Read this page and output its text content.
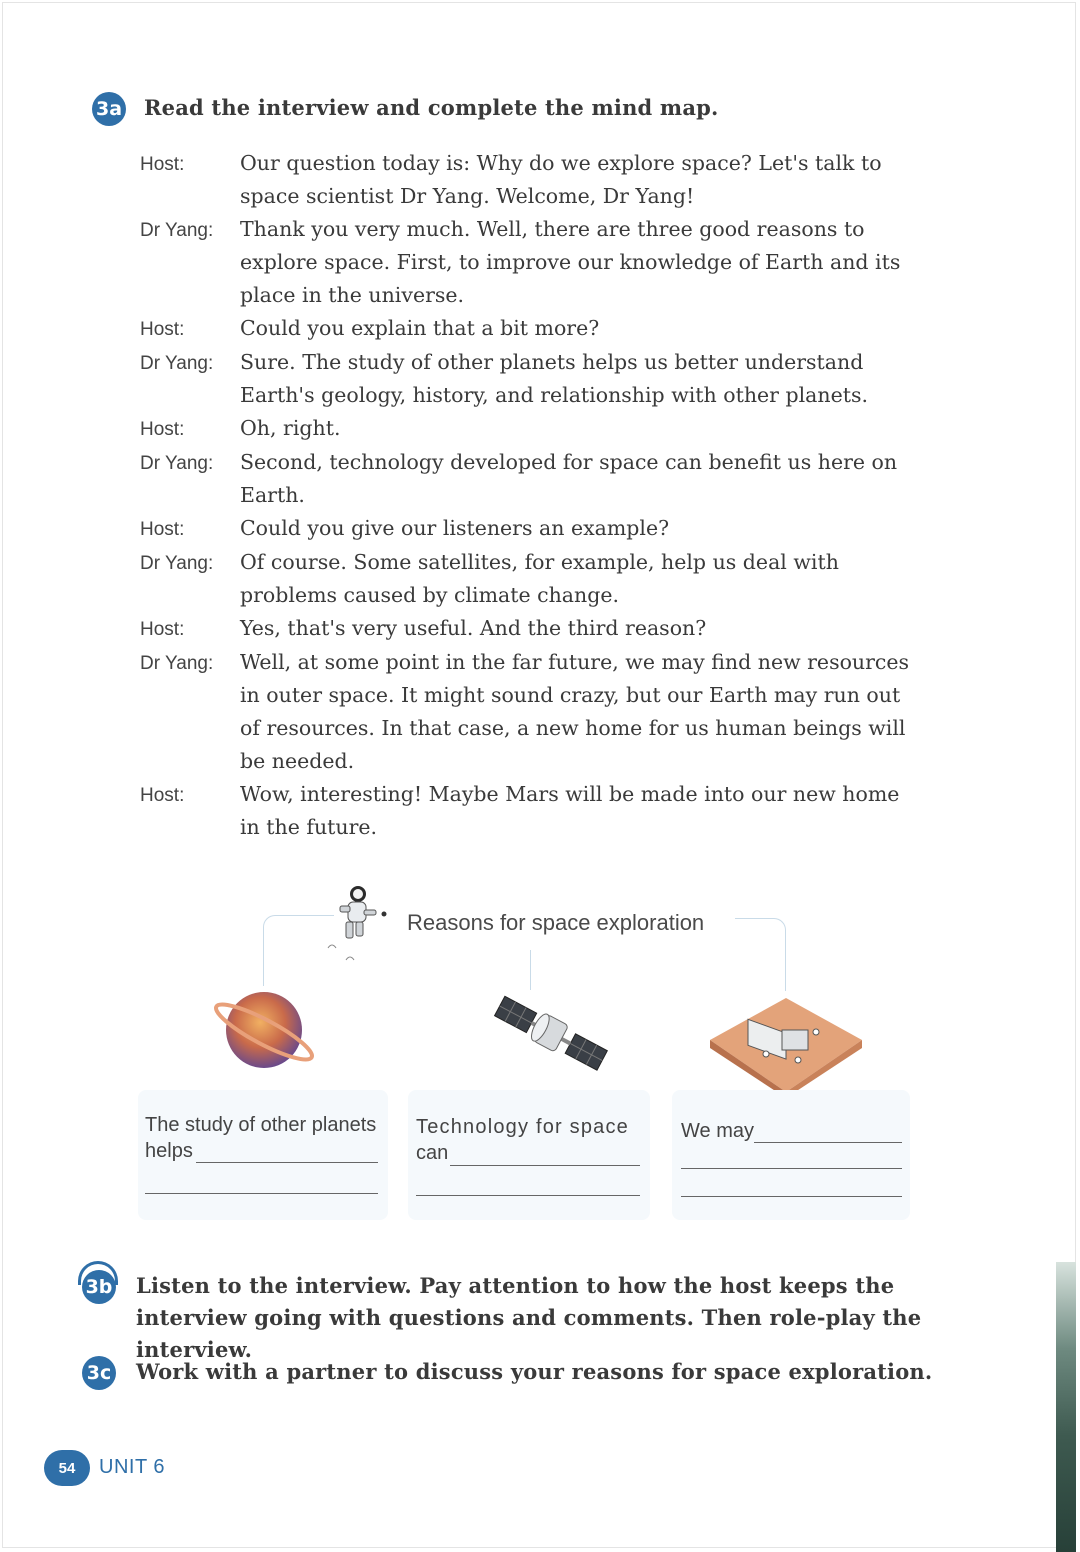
3a Read the interview and complete the mind map.
Host:	Our question today is: Why do we explore space? Let's talk to space scientist Dr Yang. Welcome, Dr Yang!
Dr Yang:	Thank you very much. Well, there are three good reasons to explore space. First, to improve our knowledge of Earth and its place in the universe.
Host:	Could you explain that a bit more?
Dr Yang:	Sure. The study of other planets helps us better understand Earth's geology, history, and relationship with other planets.
Host:	Oh, right.
Dr Yang:	Second, technology developed for space can benefit us here on Earth.
Host:	Could you give our listeners an example?
Dr Yang:	Of course. Some satellites, for example, help us deal with problems caused by climate change.
Host:	Yes, that's very useful. And the third reason?
Dr Yang:	Well, at some point in the far future, we may find new resources in outer space. It might sound crazy, but our Earth may run out of resources. In that case, a new home for us human beings will be needed.
Host:	Wow, interesting! Maybe Mars will be made into our new home in the future.
Reasons for space exploration
The study of other planets
helps
Technology for space
can
We may
3b Listen to the interview. Pay attention to how the host keeps the interview going with questions and comments. Then role-play the interview.
3c Work with a partner to discuss your reasons for space exploration.
54	UNIT 6
